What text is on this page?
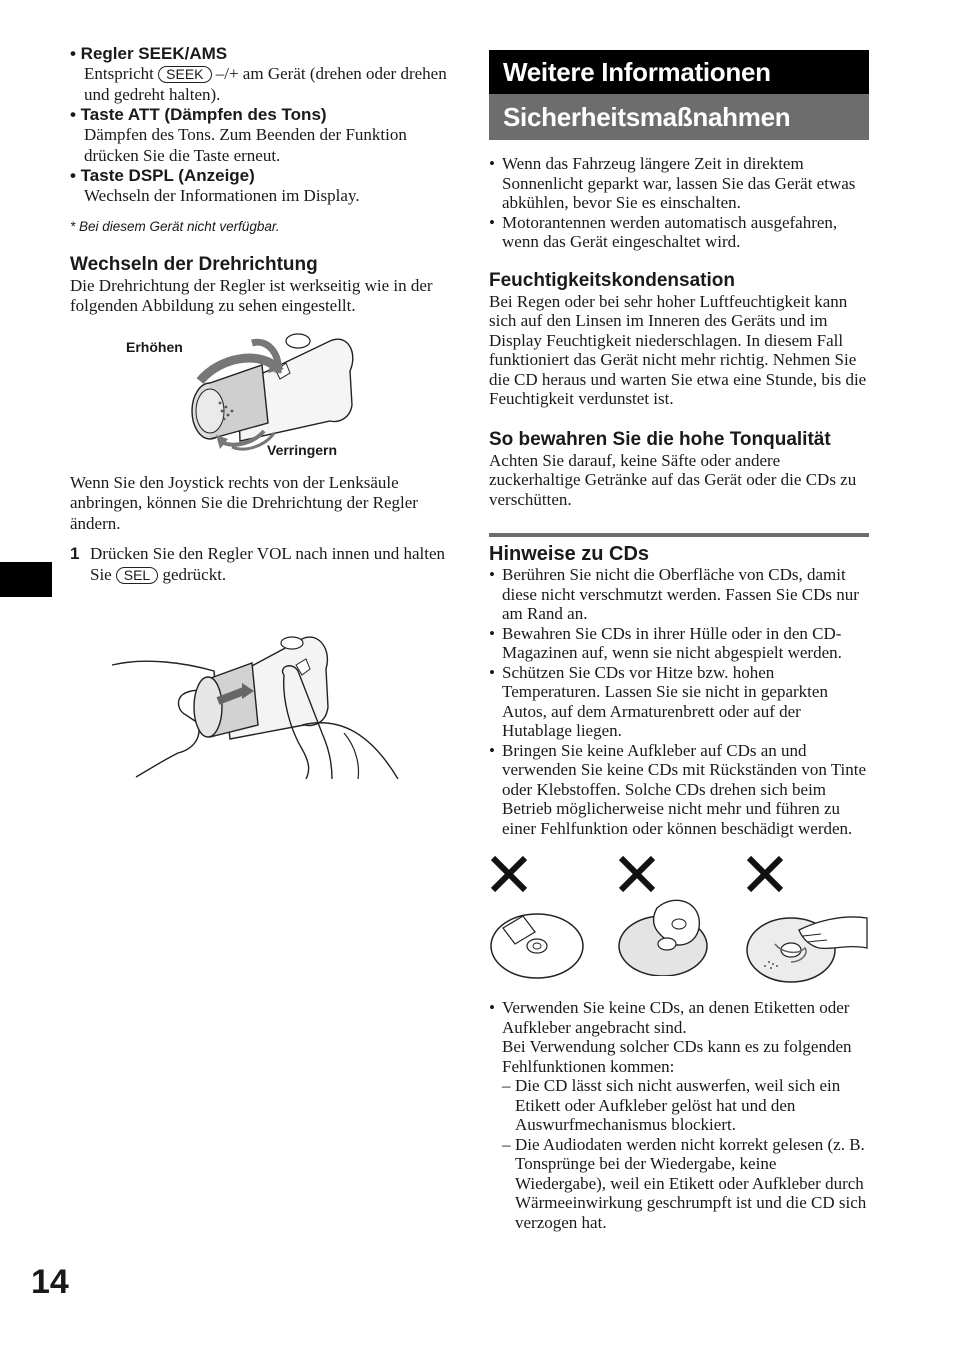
• Regler SEEK/AMS
Entspricht SEEK –/+ am Gerät (drehen oder drehen und gedreht halten).
• Taste ATT (Dämpfen des Tons)
Dämpfen des Tons. Zum Beenden der Funktion drücken Sie die Taste erneut.
• Taste DSPL (Anzeige)
Wechseln der Informationen im Display.
* Bei diesem Gerät nicht verfügbar.
Wechseln der Drehrichtung
Die Drehrichtung der Regler ist werkseitig wie in der folgenden Abbildung zu sehen eingestellt.
Erhöhen
Verringern
Wenn Sie den Joystick rechts von der Lenksäule anbringen, können Sie die Drehrichtung der Regler ändern.
1 Drücken Sie den Regler VOL nach innen und halten Sie SEL gedrückt.
Weitere Informationen
Sicherheitsmaßnahmen
• Wenn das Fahrzeug längere Zeit in direktem Sonnenlicht geparkt war, lassen Sie das Gerät etwas abkühlen, bevor Sie es einschalten.
• Motorantennen werden automatisch ausgefahren, wenn das Gerät eingeschaltet wird.
Feuchtigkeitskondensation
Bei Regen oder bei sehr hoher Luftfeuchtigkeit kann sich auf den Linsen im Inneren des Geräts und im Display Feuchtigkeit niederschlagen. In diesem Fall funktioniert das Gerät nicht mehr richtig. Nehmen Sie die CD heraus und warten Sie etwa eine Stunde, bis die Feuchtigkeit verdunstet ist.
So bewahren Sie die hohe Tonqualität
Achten Sie darauf, keine Säfte oder andere zuckerhaltige Getränke auf das Gerät oder die CDs zu verschütten.
Hinweise zu CDs
• Berühren Sie nicht die Oberfläche von CDs, damit diese nicht verschmutzt werden. Fassen Sie CDs nur am Rand an.
• Bewahren Sie CDs in ihrer Hülle oder in den CD-Magazinen auf, wenn sie nicht abgespielt werden.
• Schützen Sie CDs vor Hitze bzw. hohen Temperaturen. Lassen Sie sie nicht in geparkten Autos, auf dem Armaturenbrett oder auf der Hutablage liegen.
• Bringen Sie keine Aufkleber auf CDs an und verwenden Sie keine CDs mit Rückständen von Tinte oder Klebstoffen. Solche CDs drehen sich beim Betrieb möglicherweise nicht mehr und führen zu einer Fehlfunktion oder können beschädigt werden.
• Verwenden Sie keine CDs, an denen Etiketten oder Aufkleber angebracht sind.
Bei Verwendung solcher CDs kann es zu folgenden Fehlfunktionen kommen:
– Die CD lässt sich nicht auswerfen, weil sich ein Etikett oder Aufkleber gelöst hat und den Auswurfmechanismus blockiert.
– Die Audiodaten werden nicht korrekt gelesen (z. B. Tonsprünge bei der Wiedergabe, keine Wiedergabe), weil ein Etikett oder Aufkleber durch Wärmeeinwirkung geschrumpft ist und die CD sich verzogen hat.
14
